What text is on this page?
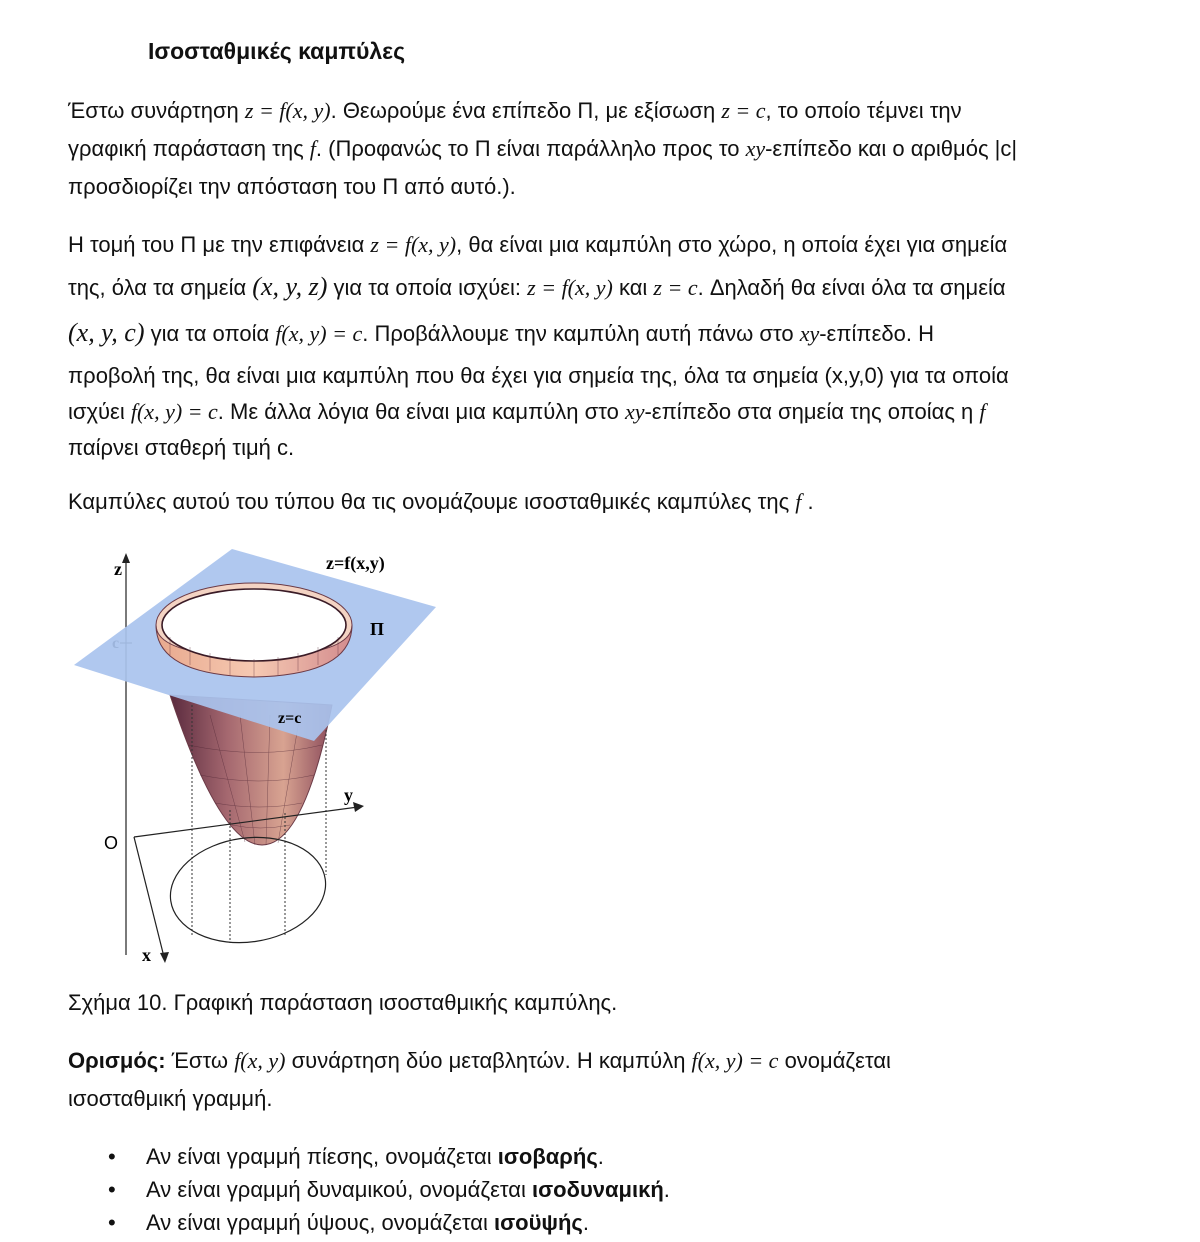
Ισοσταθμικές καμπύλες

Έστω συνάρτηση z = f(x, y). Θεωρούμε ένα επίπεδο Π, με εξίσωση z = c, το οποίο τέμνει την

γραφική παράσταση της f. (Προφανώς το Π είναι παράλληλο προς το xy-επίπεδο και ο αριθμός |c|

προσδιορίζει την απόσταση του Π από αυτό.).

Η τομή του Π με την επιφάνεια z = f(x, y), θα είναι μια καμπύλη στο χώρο, η οποία έχει για σημεία

της, όλα τα σημεία (x, y, z) για τα οποία ισχύει: z = f(x, y) και z = c. Δηλαδή θα είναι όλα τα σημεία

(x, y, c) για τα οποία f(x, y) = c. Προβάλλουμε την καμπύλη αυτή πάνω στο xy-επίπεδο. Η

προβολή της, θα είναι μια καμπύλη που θα έχει για σημεία της, όλα τα σημεία (x,y,0) για τα οποία

ισχύει f(x, y) = c. Με άλλα λόγια θα είναι μια καμπύλη στο xy-επίπεδο στα σημεία της οποίας η f

παίρνει σταθερή τιμή c.

Καμπύλες αυτού του τύπου θα τις ονομάζουμε ισοσταθμικές καμπύλες της f .

z
y
x
O
z=f(x,y)
Π
z=c
Σχήμα 10. Γραφική παράσταση ισοσταθμικής καμπύλης.

Ορισμός: Έστω f(x, y) συνάρτηση δύο μεταβλητών. Η καμπύλη f(x, y) = c ονομάζεται

ισοσταθμική γραμμή.

• Αν είναι γραμμή πίεσης, ονομάζεται ισοβαρής.
• Αν είναι γραμμή δυναμικού, ονομάζεται ισοδυναμική.
• Αν είναι γραμμή ύψους, ονομάζεται ισοϋψής.
